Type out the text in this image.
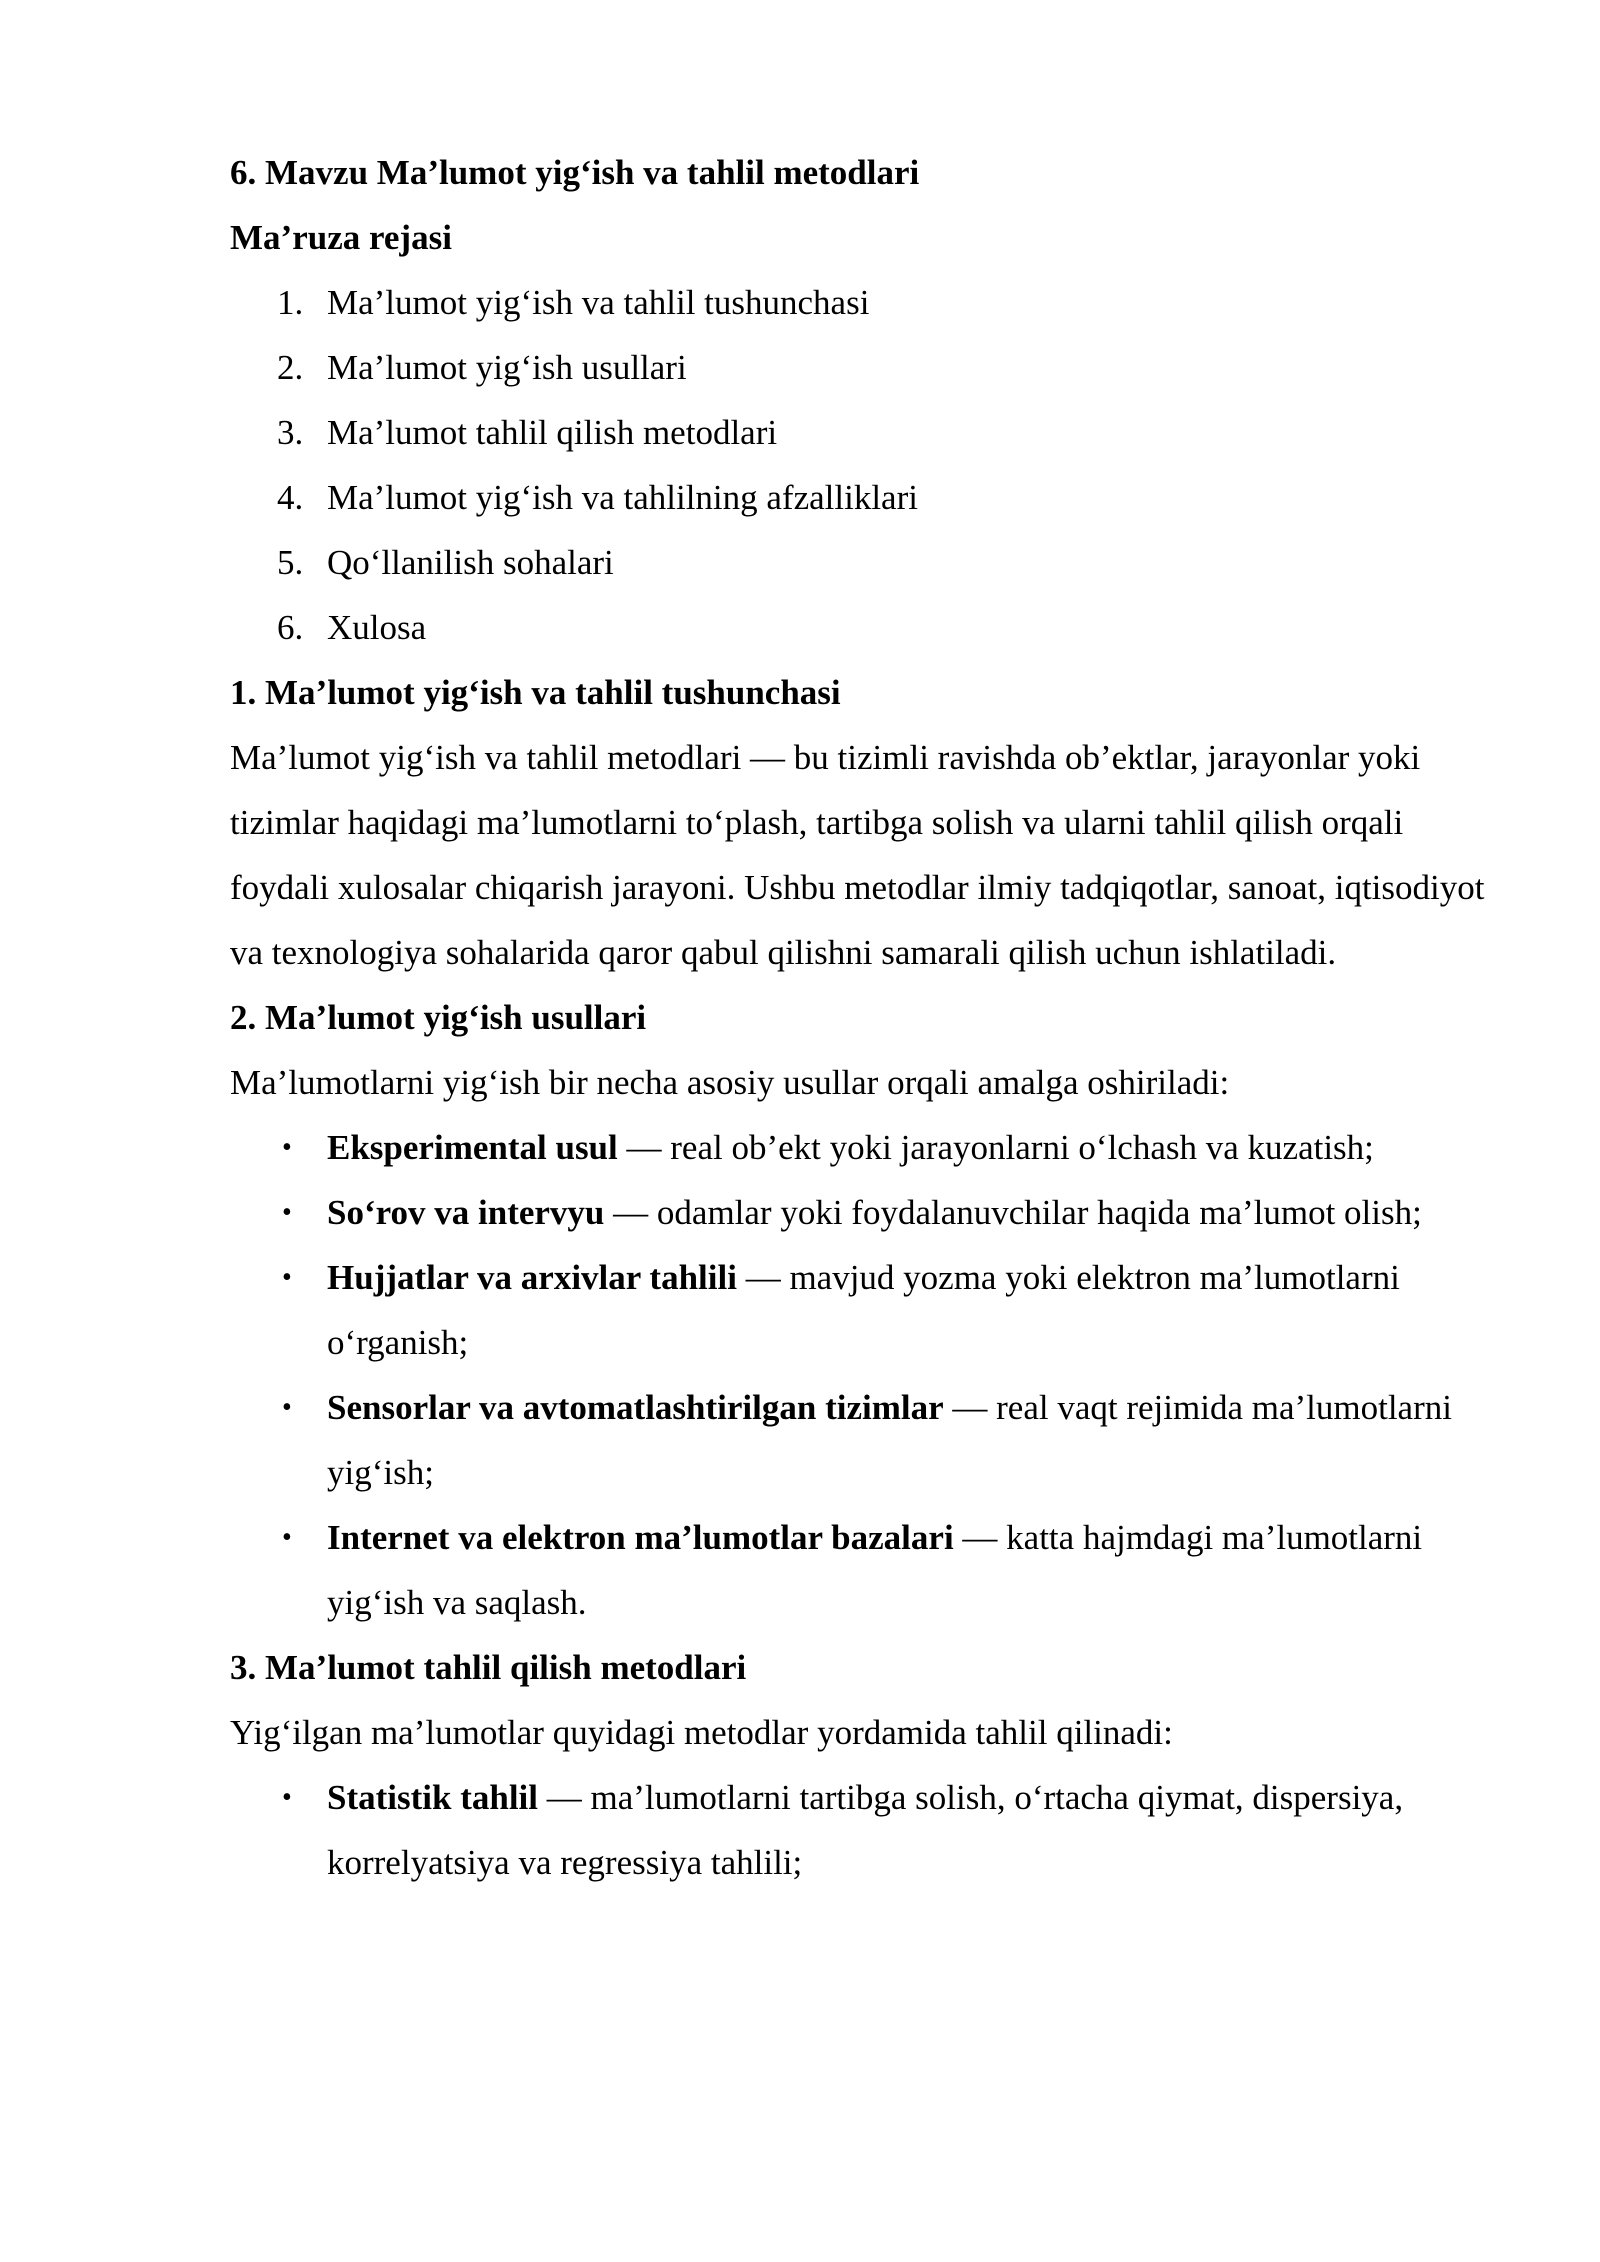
6. Mavzu Ma’lumot yig‘ish va tahlil metodlari

Ma’ruza rejasi

1. Ma’lumot yig‘ish va tahlil tushunchasi
2. Ma’lumot yig‘ish usullari
3. Ma’lumot tahlil qilish metodlari
4. Ma’lumot yig‘ish va tahlilning afzalliklari
5. Qo‘llanilish sohalari
6. Xulosa

1. Ma’lumot yig‘ish va tahlil tushunchasi

Ma’lumot yig‘ish va tahlil metodlari — bu tizimli ravishda ob’ektlar, jarayonlar yoki tizimlar haqidagi ma’lumotlarni to‘plash, tartibga solish va ularni tahlil qilish orqali foydali xulosalar chiqarish jarayoni. Ushbu metodlar ilmiy tadqiqotlar, sanoat, iqtisodiyot va texnologiya sohalarida qaror qabul qilishni samarali qilish uchun ishlatiladi.

2. Ma’lumot yig‘ish usullari

Ma’lumotlarni yig‘ish bir necha asosiy usullar orqali amalga oshiriladi:

• Eksperimental usul — real ob’ekt yoki jarayonlarni o‘lchash va kuzatish;
• So‘rov va intervyu — odamlar yoki foydalanuvchilar haqida ma’lumot olish;
• Hujjatlar va arxivlar tahlili — mavjud yozma yoki elektron ma’lumotlarni o‘rganish;
• Sensorlar va avtomatlashtirilgan tizimlar — real vaqt rejimida ma’lumotlarni yig‘ish;
• Internet va elektron ma’lumotlar bazalari — katta hajmdagi ma’lumotlarni yig‘ish va saqlash.

3. Ma’lumot tahlil qilish metodlari

Yig‘ilgan ma’lumotlar quyidagi metodlar yordamida tahlil qilinadi:

• Statistik tahlil — ma’lumotlarni tartibga solish, o‘rtacha qiymat, dispersiya, korrelyatsiya va regressiya tahlili;
